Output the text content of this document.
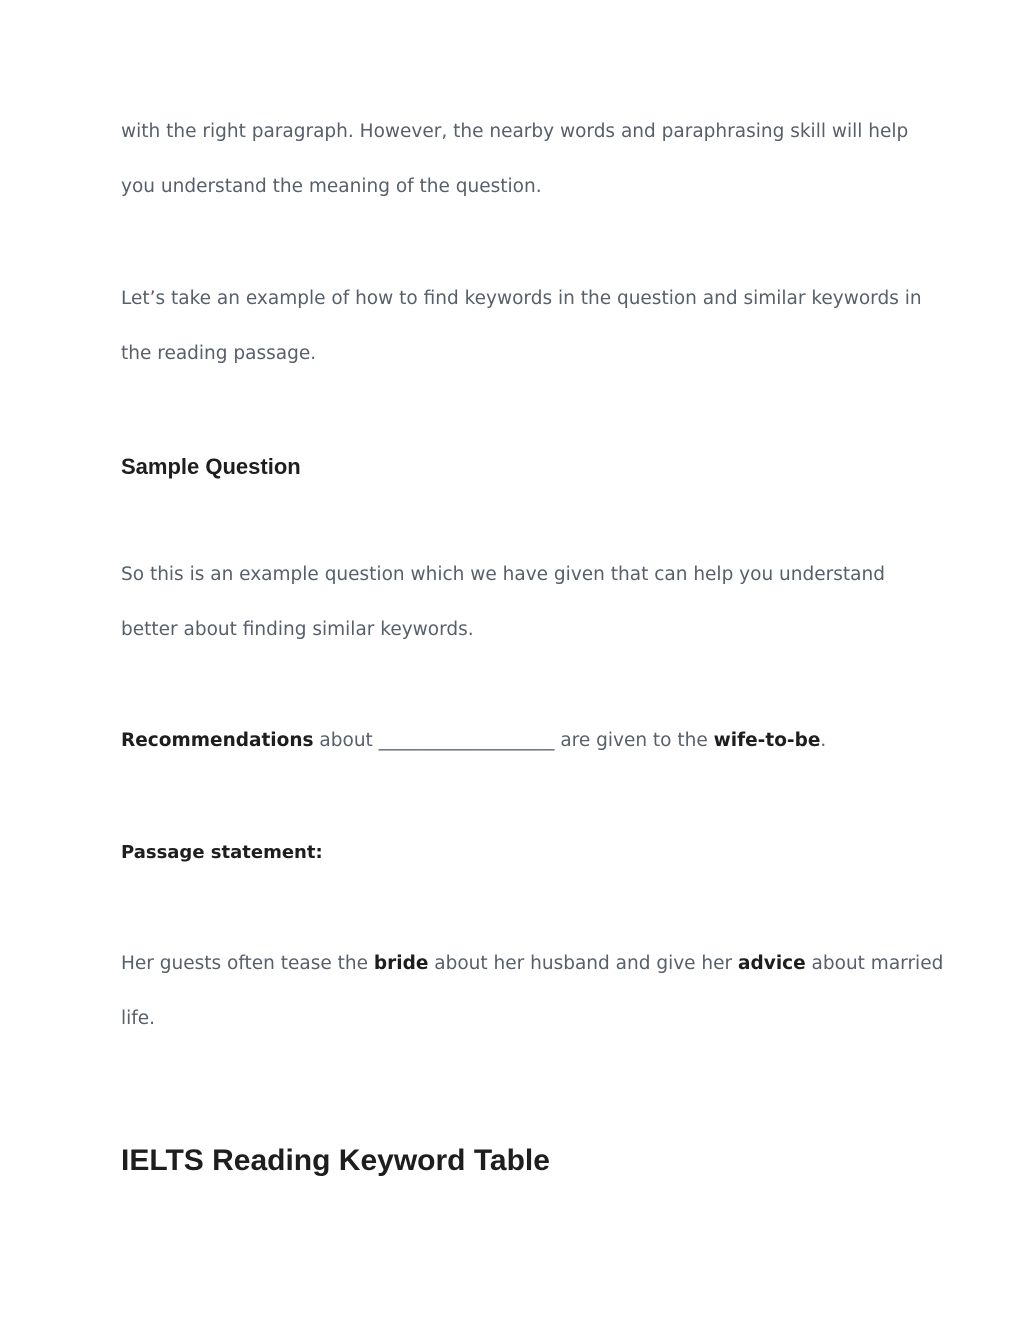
with the right paragraph. However, the nearby words and paraphrasing skill will help
you understand the meaning of the question.
Let’s take an example of how to find keywords in the question and similar keywords in
the reading passage.
Sample Question
So this is an example question which we have given that can help you understand
better about finding similar keywords.
Recommendations about ___________________ are given to the wife-to-be.
Passage statement:
Her guests often tease the bride about her husband and give her advice about married
life.
IELTS Reading Keyword Table
